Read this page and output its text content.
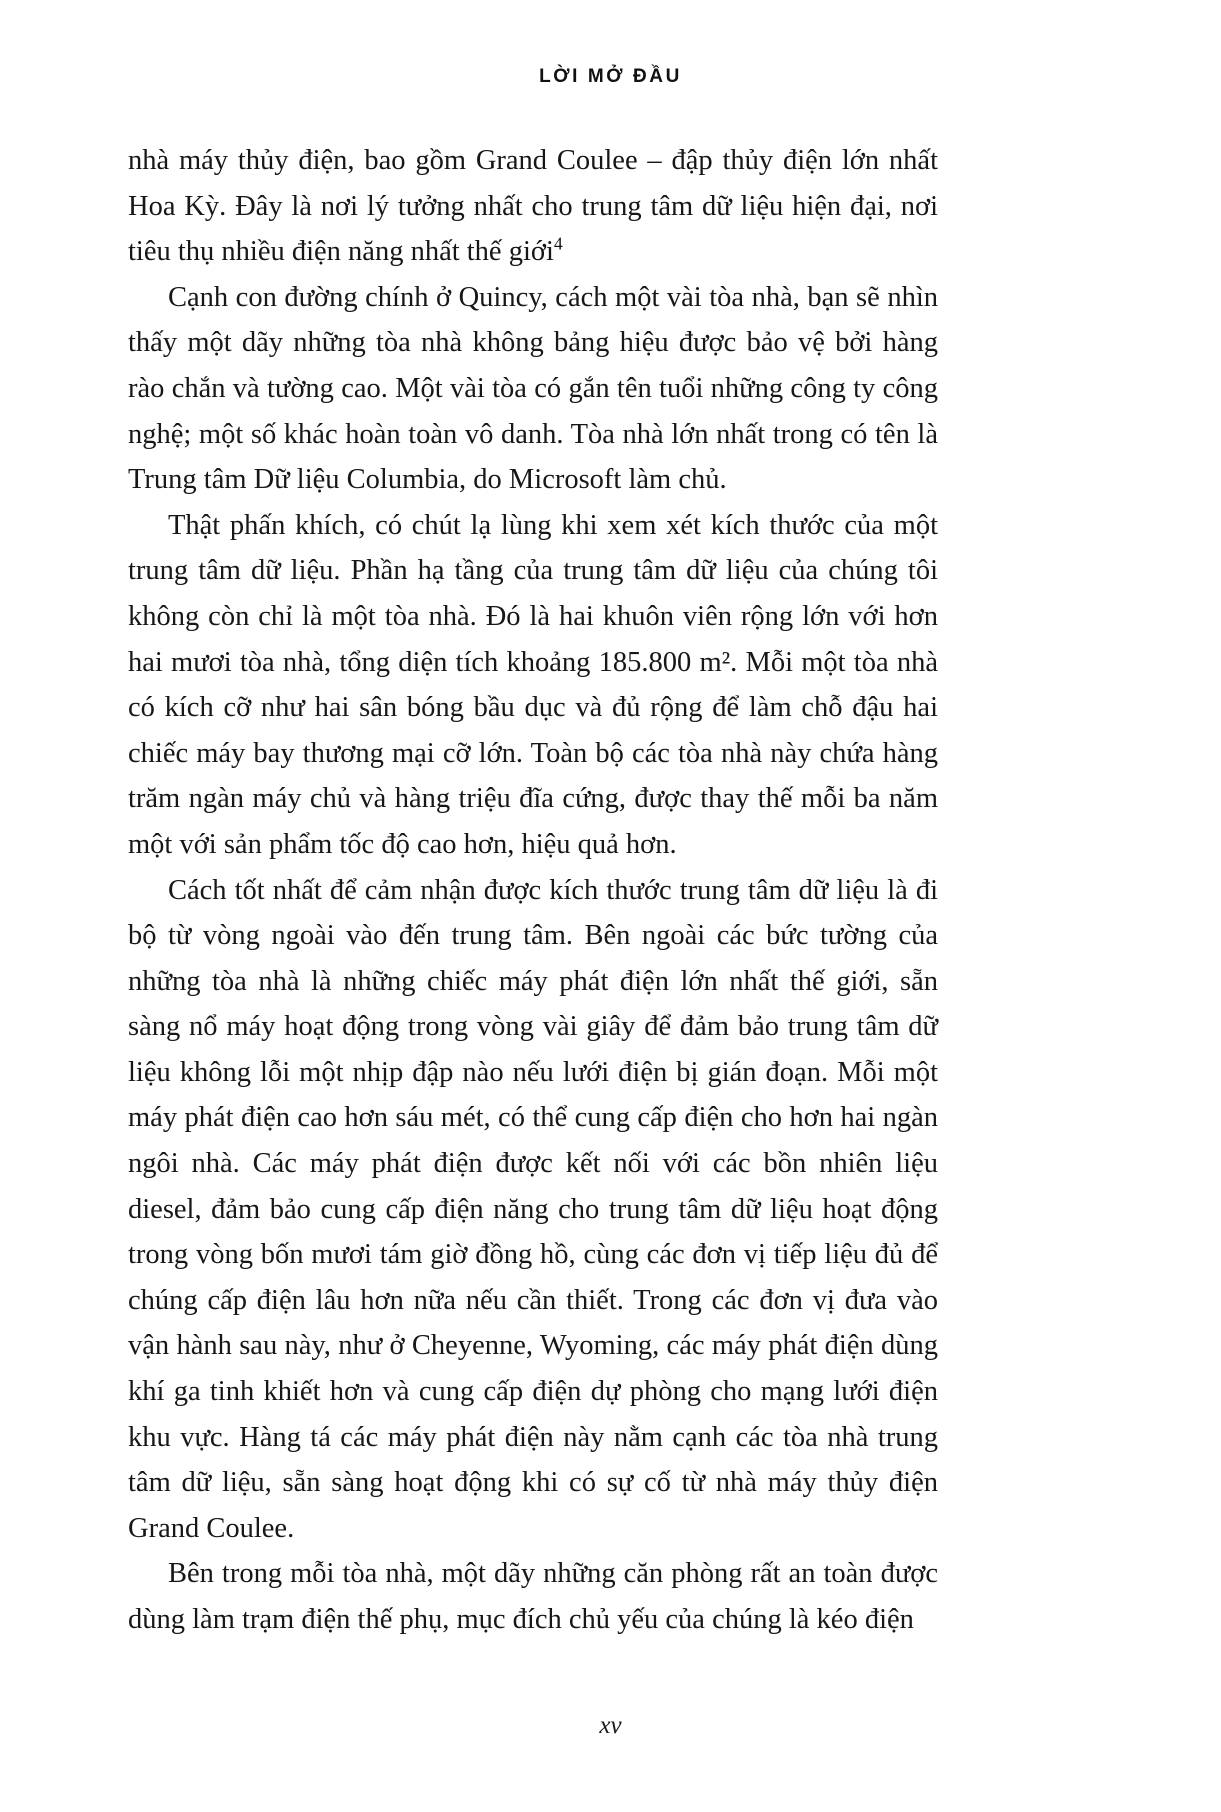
LỜI MỞ ĐẦU

nhà máy thủy điện, bao gồm Grand Coulee – đập thủy điện lớn nhất Hoa Kỳ. Đây là nơi lý tưởng nhất cho trung tâm dữ liệu hiện đại, nơi tiêu thụ nhiều điện năng nhất thế giới$^4$

Cạnh con đường chính ở Quincy, cách một vài tòa nhà, bạn sẽ nhìn thấy một dãy những tòa nhà không bảng hiệu được bảo vệ bởi hàng rào chắn và tường cao. Một vài tòa có gắn tên tuổi những công ty công nghệ; một số khác hoàn toàn vô danh. Tòa nhà lớn nhất trong có tên là Trung tâm Dữ liệu Columbia, do Microsoft làm chủ.

Thật phấn khích, có chút lạ lùng khi xem xét kích thước của một trung tâm dữ liệu. Phần hạ tầng của trung tâm dữ liệu của chúng tôi không còn chỉ là một tòa nhà. Đó là hai khuôn viên rộng lớn với hơn hai mươi tòa nhà, tổng diện tích khoảng 185.800 m². Mỗi một tòa nhà có kích cỡ như hai sân bóng bầu dục và đủ rộng để làm chỗ đậu hai chiếc máy bay thương mại cỡ lớn. Toàn bộ các tòa nhà này chứa hàng trăm ngàn máy chủ và hàng triệu đĩa cứng, được thay thế mỗi ba năm một với sản phẩm tốc độ cao hơn, hiệu quả hơn.

Cách tốt nhất để cảm nhận được kích thước trung tâm dữ liệu là đi bộ từ vòng ngoài vào đến trung tâm. Bên ngoài các bức tường của những tòa nhà là những chiếc máy phát điện lớn nhất thế giới, sẵn sàng nổ máy hoạt động trong vòng vài giây để đảm bảo trung tâm dữ liệu không lỗi một nhịp đập nào nếu lưới điện bị gián đoạn. Mỗi một máy phát điện cao hơn sáu mét, có thể cung cấp điện cho hơn hai ngàn ngôi nhà. Các máy phát điện được kết nối với các bồn nhiên liệu diesel, đảm bảo cung cấp điện năng cho trung tâm dữ liệu hoạt động trong vòng bốn mươi tám giờ đồng hồ, cùng các đơn vị tiếp liệu đủ để chúng cấp điện lâu hơn nữa nếu cần thiết. Trong các đơn vị đưa vào vận hành sau này, như ở Cheyenne, Wyoming, các máy phát điện dùng khí ga tinh khiết hơn và cung cấp điện dự phòng cho mạng lưới điện khu vực. Hàng tá các máy phát điện này nằm cạnh các tòa nhà trung tâm dữ liệu, sẵn sàng hoạt động khi có sự cố từ nhà máy thủy điện Grand Coulee.

Bên trong mỗi tòa nhà, một dãy những căn phòng rất an toàn được dùng làm trạm điện thế phụ, mục đích chủ yếu của chúng là kéo điện

xv
